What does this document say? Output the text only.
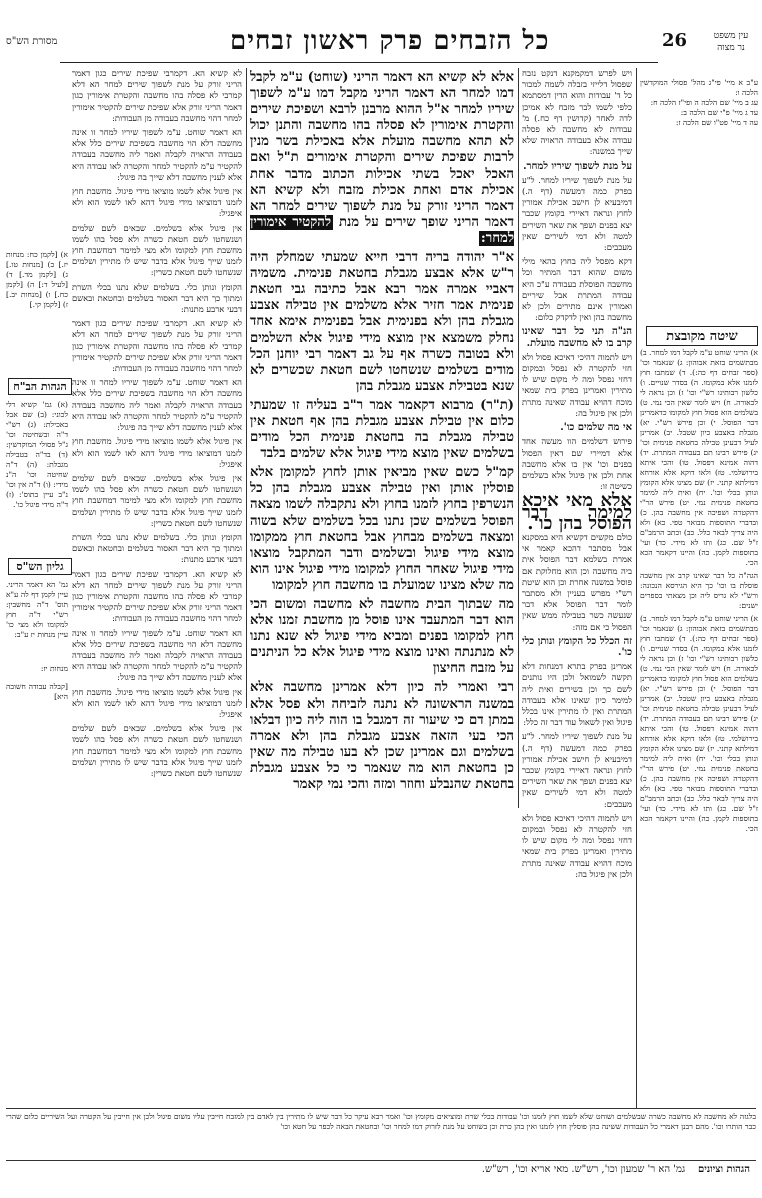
מסורת הש"ס	כל הזבחים פרק ראשון זבחים	26	עין משפט
נר מצוה

א) [לקמן כח: מנחות יז.] ב) [מנחות טו.] ג) [לקמן מד.] ד) [לעיל ד:] ה) [לקמן כח.] ו) [מנחות יב.] ז) [לקמן קי.]

הגהות הב"ח

(א) גמ' קשיא דלי לכוני: (ב) שם אבל באכילת: (ג) רש"י ד"ה ובשחיטה וכו' ג"ל פסולי המוקדשין: (ד) בד"ה בטבילה מגבלת: (ה) ד"ה שחיטה וכו' ה"נ מידי: (ו) ד"ה אין וכו' נ"ב עיין בתוס': (ז) ד"ה מידי פיגול כו'.

גליון הש"ס

גמ' הא דאמר הריני. עיין לקמן דף לה ע"א תוס' ד"ה מחשבין: רש"י ד"ה חוץ למקומו ולא מצי כו' עיין מנחות יז ע"ב:

מנחות יז:
[קבלה עבודה חשובה היא]

לא קשיא הא. דקמרבי שפיכת שירים כגון דאמר הריני זורק על מנת לשפוך שירים למחר הא דלא קמרבי לא פסלה בהו מחשבה והקטרת אימורין כגון דאמר הריני זורק אלא שפיכת שירים להקטיר אימורין למחר דהוי מחשבה בעבודה מן העבודות:

הא דאמר שוחט. ע"מ לשפוך שיריו למחר זו אינה מחשבה דלא הוי מחשבה בשפיכת שירים כלל אלא בעבודה הראויה לקבלה ואמר ליה מחשבה בעבודה להקטיר ע"מ להקטיר למחר והקטרה לאו עבודה היא אלא לענין מחשבה דלא שייך בה פיגול:

אין פיגול אלא לשמו מוציאו מידי פיגול. מחשבת חוץ לזמנו דמוציאו מידי פיגול דהא לאו לשמו הוא ולא איפגיל:

אין פיגול אלא בשלמים. שבאים לשם שלמים ושנשחטו לשם חטאת כשרה ולא פסל בהו לשמו מחשבת חוץ למקומו ולא מצי למימר דמחשבת חוץ לזמנו שייך פיגול אלא בדבר שיש לו מתירין ושלמים שנשחטו לשם חטאת כשרין:

הקומץ ונותן כלי. בשלמים שלא נתנו בכלי השרת ומתוך כך היא דבר האסור בשלמים ובחטאת ובאשם דבעי ארבע מתנות:

לא קשיא הא. דקמרבי שפיכת שירים כגון דאמר הריני זורק על מנת לשפוך שירים למחר הא דלא קמרבי לא פסלה בהו מחשבה והקטרת אימורין כגון דאמר הריני זורק אלא שפיכת שירים להקטיר אימורין למחר דהוי מחשבה בעבודה מן העבודות:

הא דאמר שוחט. ע"מ לשפוך שיריו למחר זו אינה מחשבה דלא הוי מחשבה בשפיכת שירים כלל אלא בעבודה הראויה לקבלה ואמר ליה מחשבה בעבודה להקטיר ע"מ להקטיר למחר והקטרה לאו עבודה היא אלא לענין מחשבה דלא שייך בה פיגול:

אין פיגול אלא לשמו מוציאו מידי פיגול. מחשבת חוץ לזמנו דמוציאו מידי פיגול דהא לאו לשמו הוא ולא איפגיל:

אין פיגול אלא בשלמים. שבאים לשם שלמים ושנשחטו לשם חטאת כשרה ולא פסל בהו לשמו מחשבת חוץ למקומו ולא מצי למימר דמחשבת חוץ לזמנו שייך פיגול אלא בדבר שיש לו מתירין ושלמים שנשחטו לשם חטאת כשרין:

הקומץ ונותן כלי. בשלמים שלא נתנו בכלי השרת ומתוך כך היא דבר האסור בשלמים ובחטאת ובאשם דבעי ארבע מתנות:

לא קשיא הא. דקמרבי שפיכת שירים כגון דאמר הריני זורק על מנת לשפוך שירים למחר הא דלא קמרבי לא פסלה בהו מחשבה והקטרת אימורין כגון דאמר הריני זורק אלא שפיכת שירים להקטיר אימורין למחר דהוי מחשבה בעבודה מן העבודות:

הא דאמר שוחט. ע"מ לשפוך שיריו למחר זו אינה מחשבה דלא הוי מחשבה בשפיכת שירים כלל אלא בעבודה הראויה לקבלה ואמר ליה מחשבה בעבודה להקטיר ע"מ להקטיר למחר והקטרה לאו עבודה היא אלא לענין מחשבה דלא שייך בה פיגול:

אין פיגול אלא לשמו מוציאו מידי פיגול. מחשבת חוץ לזמנו דמוציאו מידי פיגול דהא לאו לשמו הוא ולא איפגיל:

אין פיגול אלא בשלמים. שבאים לשם שלמים ושנשחטו לשם חטאת כשרה ולא פסל בהו לשמו מחשבת חוץ למקומו ולא מצי למימר דמחשבת חוץ לזמנו שייך פיגול אלא בדבר שיש לו מתירין ושלמים שנשחטו לשם חטאת כשרין:

אלא לא קשיא הא דאמר הריני (שוחט) ע"מ לקבל דמו למחר הא דאמר הריני מקבל דמו ע"מ לשפוך שיריו למחר א"ל ההוא מרבנן לרבא ושפיכת שירים והקטרת אימורין לא פסלה בהו מחשבה והתנן יכול לא תהא מחשבה מועלת אלא באכילת בשר מנין לרבות שפיכת שירים והקטרת אימורים ת"ל ואם האכל יאכל בשתי אכילות הכתוב מדבר אחת אכילת אדם ואחת אכילת מזבח ולא קשיא הא דאמר הריני זורק על מנת לשפוך שירים למחר הא דאמר הריני שופך שירים על מנת להקטיר אימורין למחר:

א"ר יהודה בריה דרבי חייא שמעתי שמחלק היה ר"ש אלא אבצע מגבלת בחטאת פנימית. משמיה דאביי אמרה אמר רבא אבל כתיבה גבי חטאת פנימית אמר חזיר אלא משלמים אין טבילה אצבע מגבלת בהן ולא בפנימית אבל בפנימית אימא אחד נחלק משמצא אין מוצא מידי פיגול אלא השלמים ולא בטובה כשרה אף על גב דאמר רבי יוחנן הכל מודים בשלמים שנשחטו לשם חטאת שכשרים לא שנא בטבילת אצבע מגבלת בהן

(ת"ר) מרבוא דקאמר אמר ר"ב בעליה זו שמעתי כלום אין טבילת אצבע מגבלת בהן אף חטאת אין טבילה מגבלת בה בחטאת פנימית הכל מודים בשלמים שאין מוצא מידי פיגול אלא שלמים בלבד

קמ"ל כשם שאין מביאין אותן לחוץ למקומן אלא פוסלין אותן ואין טבילה אצבע מגבלת בהן כל הנשרפין בחוץ לזמנו בחוץ ולא נתקבלה לשמו מצאה הפוסל בשלמים שכן נתנו בכל בשלמים שלא בשוה ומצאה בשלמים מבחוץ אבל בחטאת חוץ ממקומו מוצא מידי פיגול ובשלמים ודבר המתקבל מוצאו מידי פיגול שאחר החוץ למקומו מידי פיגול אינו הוא מה שלא מצינו שמועלת בו מחשבה חוץ למקומו

מה שבתוך הבית מחשבה לא מחשבה ומשום הכי הוא דבר המתעבד אינו פוסל מן מחשבת זמנו אלא חוץ למקומו בפנים ומביא מידי פיגול לא שנא נתנו לא מנתנתה ואינו מוצא מידי פיגול אלא כל הניתנים על מזבח החיצון

רבי ואמרי לה כיון דלא אמרינן מחשבה אלא במשנה הראשונה לא נתנה לזביחה ולא פסל אלא במתן דם כי שיעור זה דמגבל בו הוה ליה כיון דבלאו הכי בעי הזאה אצבע מגבלת בהן ולא אמרה בשלמים וגם אמרינן שכן לא בעו טבילה מה שאין כן בחטאת הוא מה שנאמר כי כל אצבע מגבלת בחטאת שהנבלע וחוזר ומזה והכי נמי קאמר

ויש לפרש דמקמקנא דנקט נזבח שפסול דלייזי בזבלה לשמה למכור כל ד' עבודות והוא הדין דמסתמא כלפי לשמו לבר מזבח לא אמיכן לדה לאחר (קדושין דף כח.) מ' עבודות לא מחשבה לא פסלה עבודה אלא בעבודה הראויה שלא שייך במשנה:

על מנת לשפוך שיריו למחר.

על מנת לשפוך שיריו למחר. ל"ע בפרק כמה דמעשה (דף ה.) דמיבעיא לן חישב אכילת אמורין לחוץ ונראה דאיירי בקומץ שכבר יצא בפנים ושפך את שאר השירים למטה ולא דמי לשירים שאין מעכבים:

דקא מפסל ליה בחוץ בהאי מילי משום שהוא דבר המתיר וכל מחשבה הפוסלת בעבודה ע"כ היא עבודה המתרת אבל שיריים ואמורין אינם מתירים ולכן לא מחשבה בהן ואין לדקדק כלום:

הנ"ה תני כל דבר שאינו קרב בו לא מחשבה מועלת.

ויש לתמוה דהיכי דאיכא פסול ולא חזי להקטרה לא נפסל ובמקום דחזי נפסל ומה לי מקום שיש לו מתירין ואמרינן בפרק בית שמאי מוכח דהויא עבודה שאינה מתרת ולכן אין פיגול בה:

אי מה שלמים כו'.

פירוש דשלמים הוו מעשה אחד אלא דמיירי שם דאין הפסול בפנים וכו' אין בו אלא מחשבה אחת ולכן אין פיגול אלא בשלמים כשיטה זו:

אלא מאי איכא למימר דבר הפוסל בהן כו'.

כולם מקשים דקשיא היא במסקנא אבל מסתבר דהכא קאמר אי אמרת בשלמא דבר הפוסל אית ביה מחשבה וכן הוא מחלוקת אם פוסל במשנה אחרת וכן הוא שיטת רש"י מפרש בעניין ולא מסתבר לומר דבר הפוסל אלא דבר שנעשה כשר בטבילה ממש שאין הפסול כי אם מזה:

זה הכלל כל הקומץ ונותן כלי כו'.

אמרינן בפרק בתרא דמנחות דלא תקשה לשמואל ולכן היו נותנים לשם כך וכן בשירים ואית ליה למימר כיון שאינו אלא בעבודה המתרת ואין לו מתירין אינו בכלל פיגול ואין לשאול עוד דבר זה כלל:

על מנת לשפוך שיריו למחר. ל"ע בפרק כמה דמעשה (דף ה.) דמיבעיא לן חישב אכילת אמורין לחוץ ונראה דאיירי בקומץ שכבר יצא בפנים ושפך את שאר השירים למטה ולא דמי לשירים שאין מעכבים:

ויש לתמוה דהיכי דאיכא פסול ולא חזי להקטרה לא נפסל ובמקום דחזי נפסל ומה לי מקום שיש לו מתירין ואמרינן בפרק בית שמאי מוכח דהויא עבודה שאינה מתרת ולכן אין פיגול בה:

ע"ב א מיי' פי"ג מהל' פסולי המוקדשין הלכה ו:
עג ב מיי' שם הלכה ה ופי"ז הלכה ח:
עד ג מיי' פ"י שם הלכה ב:
עה ד מיי' פט"ו שם הלכה ז:

שיטה מקובצת

א) הריני שוחט ע"מ לקבל דמו למחר. ב) מבתשמים בזאת אבוהון: ג) שנאמר וכו' (ספר זבחים דף כה:). ד) שמתבו חוץ לזמנו אלא במקומו. ה) בסדר שנויים. ו) כלשון רבותינו רש"י וכו' ז) וכן נראה לי לכאורה. ח) ויש לומר שאין הכי נמי. ט) בשלמים הוא פסול חוץ למקומו כדאמרינן דבר הפוסל. י) וכן פירש רש"י. יא) מגבלת באצבע כיון שטבל. יב) אמרינן לעיל דבעינן טבילה בחטאת פנימית וכו' יג) פירש רבינו תם בעבודה המתרת. יד) דהוה אמינא דפסול. טו) והכי איתא בירושלמי. טז) ולאו דוקא אלא אורחא דמילתא קתני. יז) שם מצינו אלא הקומץ ונותן בכלי וכו'. יח) ואית ליה למימר בחטאת פנימית נמי. יט) פירש הר"י דהקטרה ושפיכה אין מחשבה בהן. כ) ובדברי התוספות מבואר טפי. כא) ולא היה צריך לבאר כלל. כב) וכתב הרמב"ם ז"ל שם. כג) ותו לא מידי. כד) ועי' בתוספות לקמן. כה) והיינו דקאמר הכא הכי.

הגה"ה כל דבר שאינו קרב אין מחשבה פוסלת בו וכו' כך היא הגירסא הנכונה: ורש"י לא גריס ליה וכן מצאתי בספרים ישנים:

א) הריני שוחט ע"מ לקבל דמו למחר. ב) מבתשמים בזאת אבוהון: ג) שנאמר וכו' (ספר זבחים דף כה:). ד) שמתבו חוץ לזמנו אלא במקומו. ה) בסדר שנויים. ו) כלשון רבותינו רש"י וכו' ז) וכן נראה לי לכאורה. ח) ויש לומר שאין הכי נמי. ט) בשלמים הוא פסול חוץ למקומו כדאמרינן דבר הפוסל. י) וכן פירש רש"י. יא) מגבלת באצבע כיון שטבל. יב) אמרינן לעיל דבעינן טבילה בחטאת פנימית וכו' יג) פירש רבינו תם בעבודה המתרת. יד) דהוה אמינא דפסול. טו) והכי איתא בירושלמי. טז) ולאו דוקא אלא אורחא דמילתא קתני. יז) שם מצינו אלא הקומץ ונותן בכלי וכו'. יח) ואית ליה למימר בחטאת פנימית נמי. יט) פירש הר"י דהקטרה ושפיכה אין מחשבה בהן. כ) ובדברי התוספות מבואר טפי. כא) ולא היה צריך לבאר כלל. כב) וכתב הרמב"ם ז"ל שם. כג) ותו לא מידי. כד) ועי' בתוספות לקמן. כה) והיינו דקאמר הכא הכי.

בלגזה לא מחשבה לא מחשבה כשרה שבשלמים ושוחט שלא לשמו חוץ לזמנו וכו' עבודות בכלי שרת ומוציאים מקומץ וכו' ואמר רבא עיקר כל דבר שיש לו מתירין בין לאדם בין למזבח חייבין עליו משום פיגול ולכן אין חייבין על הקטרה ועל השיריים כלום שהרי כבר הותרו וכו'. מהם רבנן דאמרי כל העבודות ששינה בהן פוסלין חוץ לזמנו ואין בהן כרת וכן בשוחט על מנת לזרוק דמו למחר וכו' ובחטאת הבאה לכפר על חטא וכו'
הגהות וציונים    גמ' הא ר' שמעון וכו', רש"ש. מאי אריא וכו', רש"ש.
